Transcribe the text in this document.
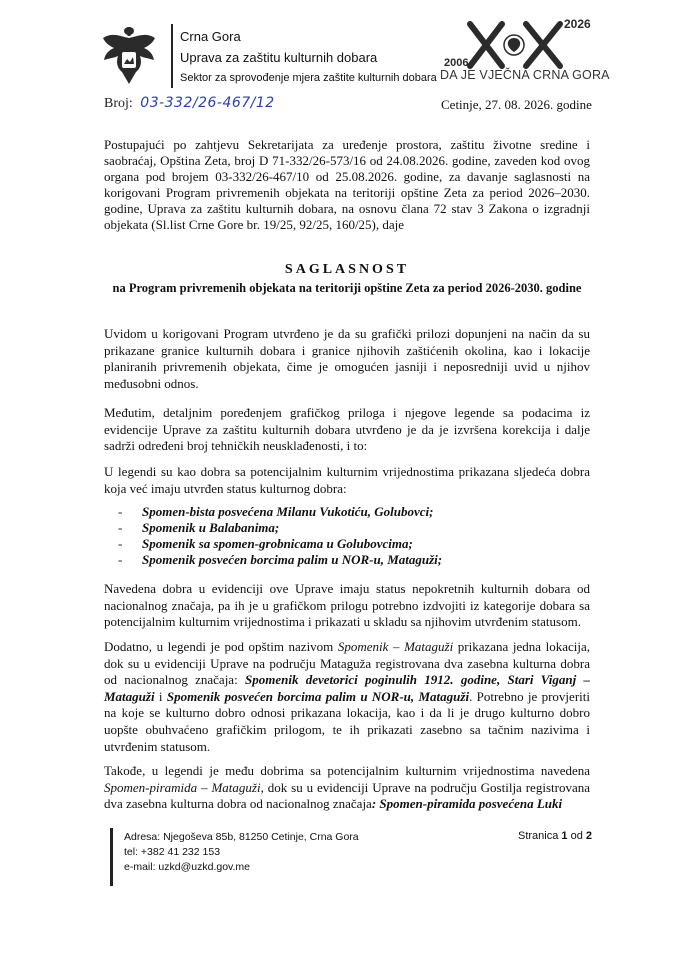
Crna Gora
Uprava za zaštitu kulturnih dobara
Sektor za sprovođenje mjera zaštite kulturnih dobara
2026
2006
DA JE VJEČNA CRNA GORA
Broj: 03-332/26-467/12	Cetinje, 27. 08. 2026. godine
Postupajući po zahtjevu Sekretarijata za uređenje prostora, zaštitu životne sredine i saobraćaj, Opština Zeta, broj D 71-332/26-573/16 od 24.08.2026. godine, zaveden kod ovog organa pod brojem 03-332/26-467/10 od 25.08.2026. godine, za davanje saglasnosti na korigovani Program privremenih objekata na teritoriji opštine Zeta za period 2026–2030. godine, Uprava za zaštitu kulturnih dobara, na osnovu člana 72 stav 3 Zakona o izgradnji objekata (Sl.list Crne Gore br. 19/25, 92/25, 160/25), daje
SAGLASNOST
na Program privremenih objekata na teritoriji opštine Zeta za period 2026-2030. godine
Uvidom u korigovani Program utvrđeno je da su grafički prilozi dopunjeni na način da su prikazane granice kulturnih dobara i granice njihovih zaštićenih okolina, kao i lokacije planiranih privremenih objekata, čime je omogućen jasniji i neposredniji uvid u njihov međusobni odnos.
Međutim, detaljnim poređenjem grafičkog priloga i njegove legende sa podacima iz evidencije Uprave za zaštitu kulturnih dobara utvrđeno je da je izvršena korekcija i dalje sadrži određeni broj tehničkih neusklađenosti, i to:
U legendi su kao dobra sa potencijalnim kulturnim vrijednostima prikazana sljedeća dobra koja već imaju utvrđen status kulturnog dobra:
- Spomen-bista posvećena Milanu Vukotiću, Golubovci;
- Spomenik u Balabanima;
- Spomenik sa spomen-grobnicama u Golubovcima;
- Spomenik posvećen borcima palim u NOR-u, Mataguži;
Navedena dobra u evidenciji ove Uprave imaju status nepokretnih kulturnih dobara od nacionalnog značaja, pa ih je u grafičkom prilogu potrebno izdvojiti iz kategorije dobara sa potencijalnim kulturnim vrijednostima i prikazati u skladu sa njihovim utvrđenim statusom.
Dodatno, u legendi je pod opštim nazivom Spomenik – Mataguži prikazana jedna lokacija, dok su u evidenciji Uprave na području Mataguža registrovana dva zasebna kulturna dobra od nacionalnog značaja: Spomenik devetorici poginulih 1912. godine, Stari Viganj – Mataguži i Spomenik posvećen borcima palim u NOR-u, Mataguži. Potrebno je provjeriti na koje se kulturno dobro odnosi prikazana lokacija, kao i da li je drugo kulturno dobro uopšte obuhvaćeno grafičkim prilogom, te ih prikazati zasebno sa tačnim nazivima i utvrđenim statusom.
Takođe, u legendi je među dobrima sa potencijalnim kulturnim vrijednostima navedena Spomen-piramida – Mataguži, dok su u evidenciji Uprave na području Gostilja registrovana dva zasebna kulturna dobra od nacionalnog značaja: Spomen-piramida posvećena Luki
Adresa: Njegoševa 85b, 81250 Cetinje, Crna Gora
tel: +382 41 232 153
e-mail: uzkd@uzkd.gov.me
Stranica 1 od 2
